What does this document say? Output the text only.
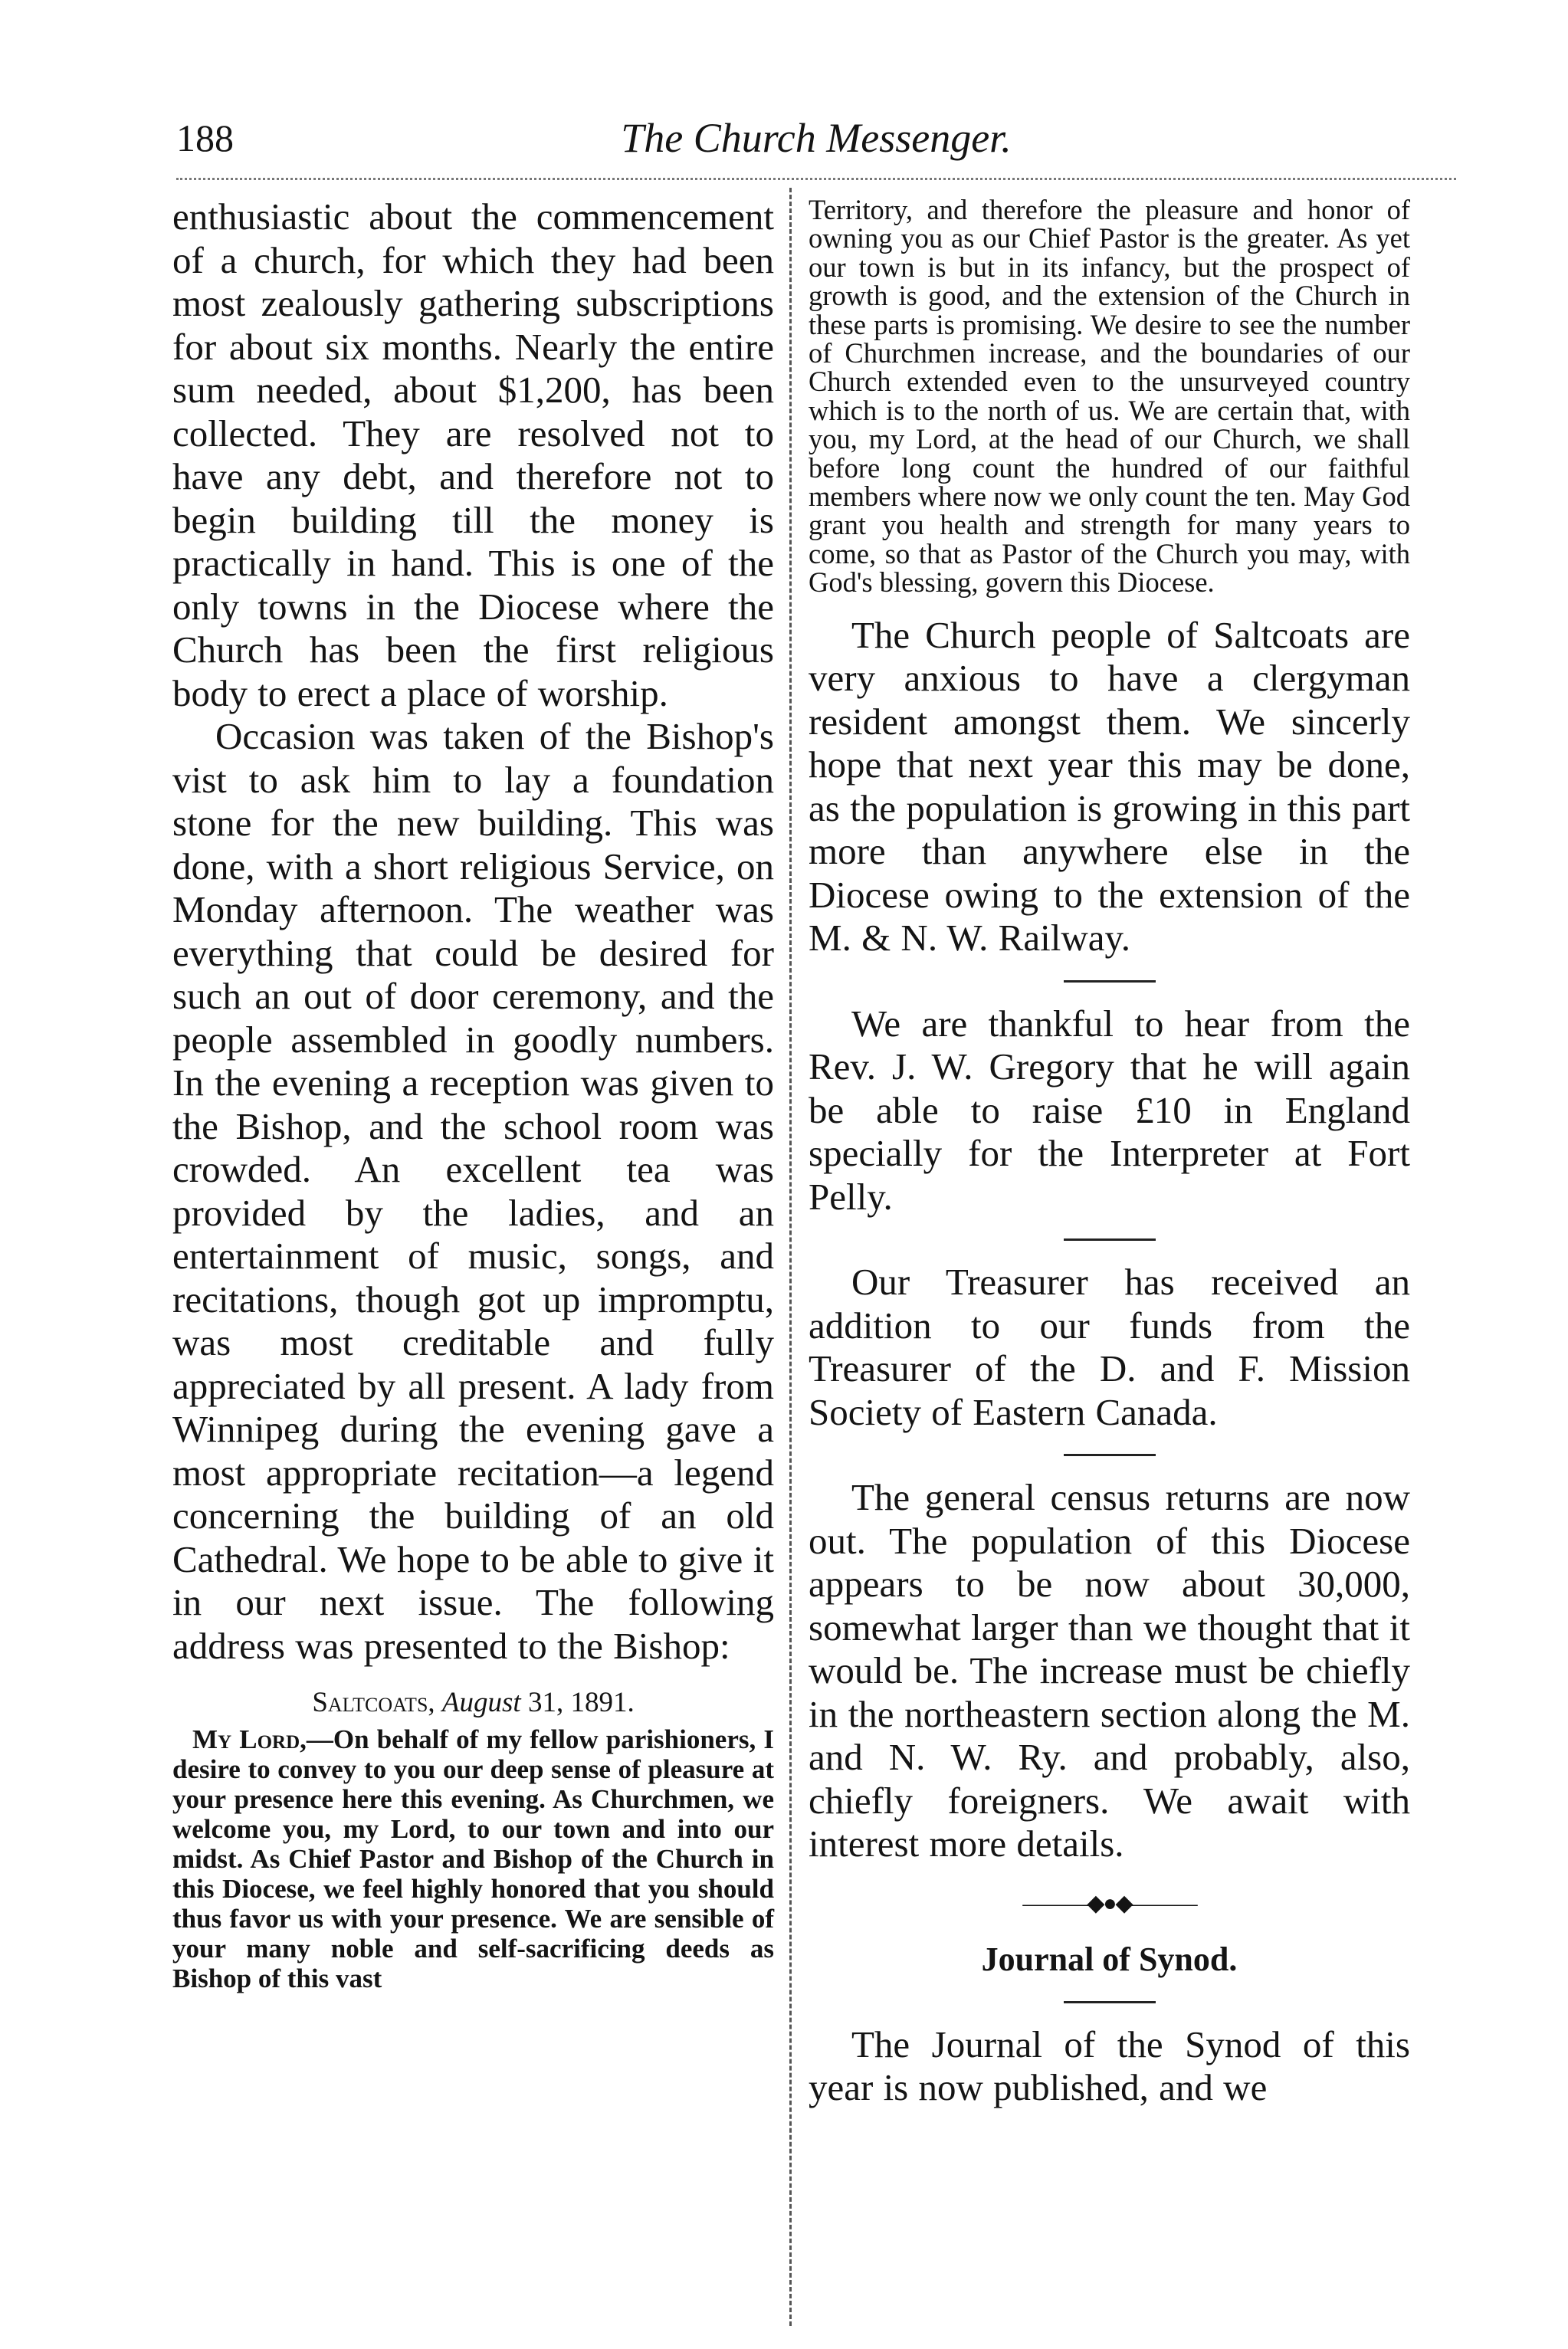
188	The Church Messenger.

enthusiastic about the commencement of a church, for which they had been most zealously gathering subscriptions for about six months. Nearly the entire sum needed, about $1,200, has been collected. They are resolved not to have any debt, and therefore not to begin building till the money is practically in hand. This is one of the only towns in the Diocese where the Church has been the first religious body to erect a place of worship.

Occasion was taken of the Bishop's vist to ask him to lay a foundation stone for the new building. This was done, with a short religious Service, on Monday afternoon. The weather was everything that could be desired for such an out of door ceremony, and the people assembled in goodly numbers. In the evening a reception was given to the Bishop, and the school room was crowded. An excellent tea was provided by the ladies, and an entertainment of music, songs, and recitations, though got up impromptu, was most creditable and fully appreciated by all present. A lady from Winnipeg during the evening gave a most appropriate recitation—a legend concerning the building of an old Cathedral. We hope to be able to give it in our next issue. The following address was presented to the Bishop:

Saltcoats, August 31, 1891.

My Lord,—On behalf of my fellow parishioners, I desire to convey to you our deep sense of pleasure at your presence here this evening. As Churchmen, we welcome you, my Lord, to our town and into our midst. As Chief Pastor and Bishop of the Church in this Diocese, we feel highly honored that you should thus favor us with your presence. We are sensible of your many noble and self-sacrificing deeds as Bishop of this vast

Territory, and therefore the pleasure and honor of owning you as our Chief Pastor is the greater. As yet our town is but in its infancy, but the prospect of growth is good, and the extension of the Church in these parts is promising. We desire to see the number of Churchmen increase, and the boundaries of our Church extended even to the unsurveyed country which is to the north of us. We are certain that, with you, my Lord, at the head of our Church, we shall before long count the hundred of our faithful members where now we only count the ten. May God grant you health and strength for many years to come, so that as Pastor of the Church you may, with God's blessing, govern this Diocese.

The Church people of Saltcoats are very anxious to have a clergyman resident amongst them. We sincerly hope that next year this may be done, as the population is growing in this part more than anywhere else in the Diocese owing to the extension of the M. & N. W. Railway.

We are thankful to hear from the Rev. J. W. Gregory that he will again be able to raise £10 in England specially for the Interpreter at Fort Pelly.

Our Treasurer has received an addition to our funds from the Treasurer of the D. and F. Mission Society of Eastern Canada.

The general census returns are now out. The population of this Diocese appears to be now about 30,000, somewhat larger than we thought that it would be. The increase must be chiefly in the northeastern section along the M. and N. W. Ry. and probably, also, chiefly foreigners. We await with interest more details.

———◆●◆———
Journal of Synod.

The Journal of the Synod of this year is now published, and we
